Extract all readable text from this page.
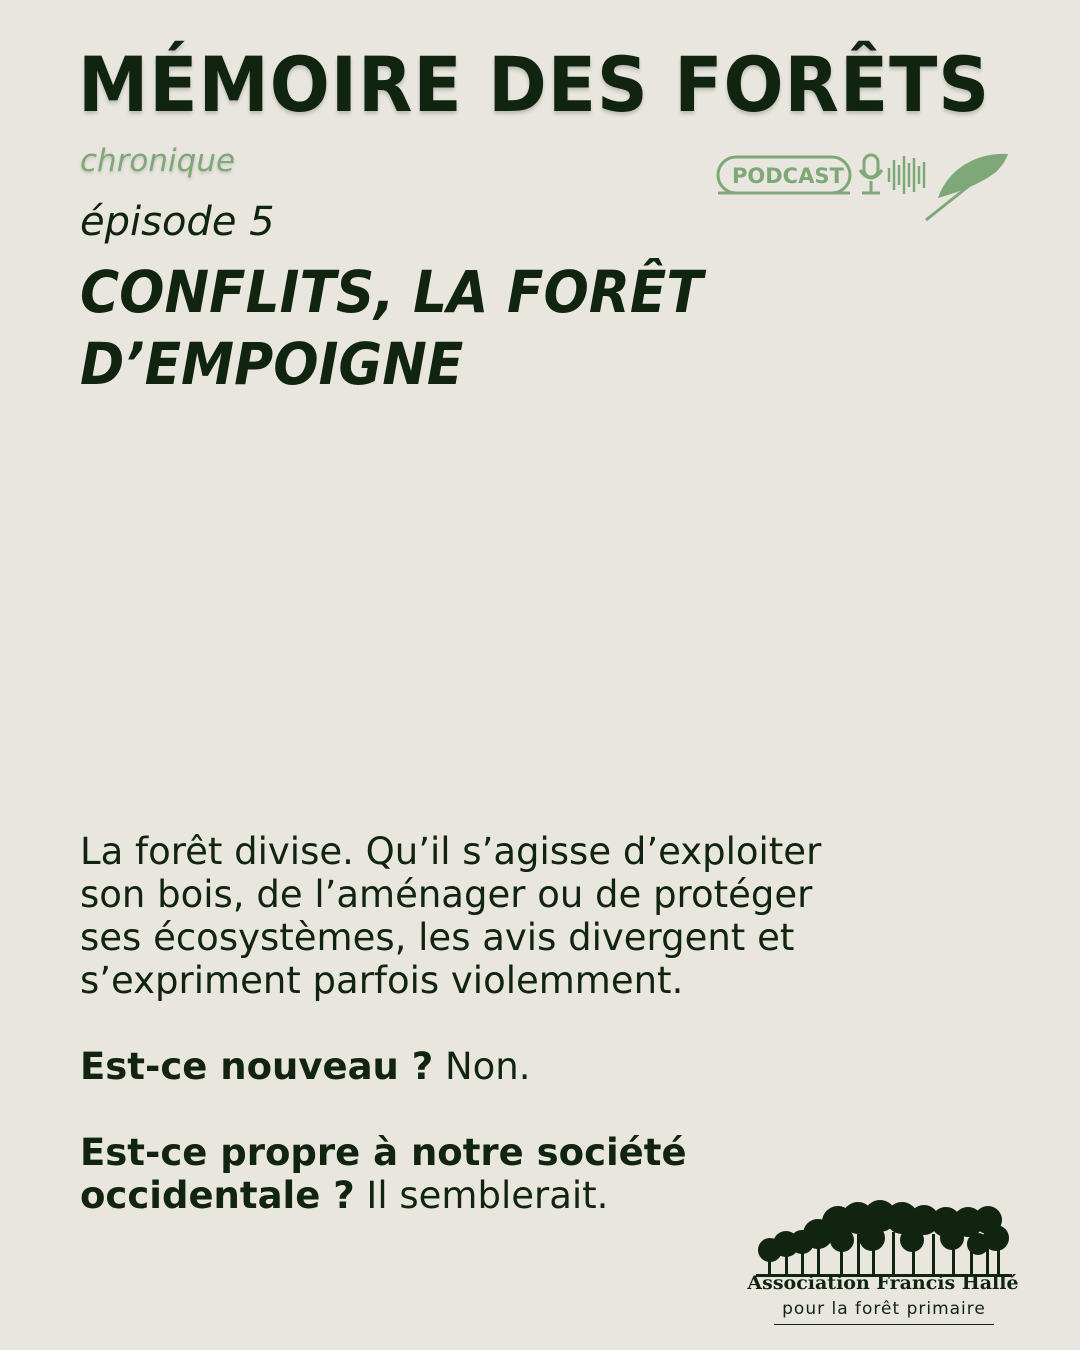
MÉMOIRE DES FORÊTS
chronique	PODCAST
épisode 5
CONFLITS, LA FORÊT
D’EMPOIGNE

La forêt divise. Qu’il s’agisse d’exploiter son bois, de l’aménager ou de protéger ses écosystèmes, les avis divergent et s’expriment parfois violemment.

Est-ce nouveau ? Non.

Est-ce propre à notre société occidentale ? Il semblerait.

Association Francis Hallé
pour la forêt primaire
